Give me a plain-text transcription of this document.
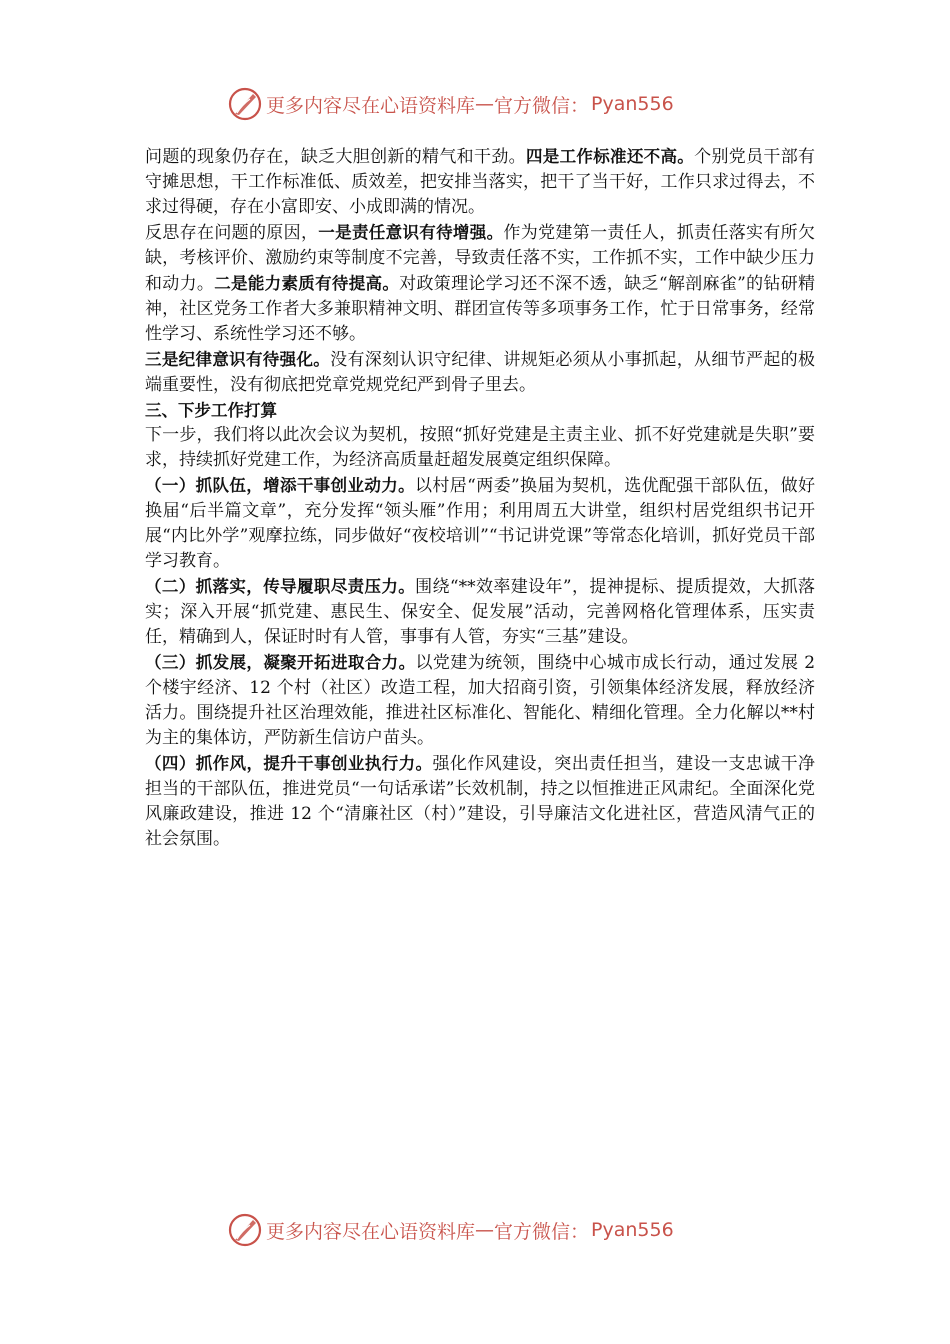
更多内容尽在心语资料库 — 官方微信： Pyan556

问题的现象仍存在，缺乏大胆创新的精气和干劲。四是工作标准还不高。个别党员干部有守摊思想，干工作标准低、质效差，把安排当落实，把干了当干好，工作只求过得去，不求过得硬，存在小富即安、小成即满的情况。

反思存在问题的原因，一是责任意识有待增强。作为党建第一责任人，抓责任落实有所欠缺，考核评价、激励约束等制度不完善，导致责任落不实，工作抓不实，工作中缺少压力和动力。二是能力素质有待提高。对政策理论学习还不深不透，缺乏“解剖麻雀”的钻研精神，社区党务工作者大多兼职精神文明、群团宣传等多项事务工作，忙于日常事务，经常性学习、系统性学习还不够。

三是纪律意识有待强化。没有深刻认识守纪律、讲规矩必须从小事抓起，从细节严起的极端重要性，没有彻底把党章党规党纪严到骨子里去。

三、下步工作打算

下一步，我们将以此次会议为契机，按照“抓好党建是主责主业、抓不好党建就是失职”要求，持续抓好党建工作，为经济高质量赶超发展奠定组织保障。

（一）抓队伍，增添干事创业动力。以村居“两委”换届为契机，选优配强干部队伍，做好换届“后半篇文章”，充分发挥“领头雁”作用；利用周五大讲堂，组织村居党组织书记开展“内比外学”观摩拉练，同步做好“夜校培训”“书记讲党课”等常态化培训，抓好党员干部学习教育。

（二）抓落实，传导履职尽责压力。围绕“**效率建设年”，提神提标、提质提效，大抓落实；深入开展“抓党建、惠民生、保安全、促发展”活动，完善网格化管理体系，压实责任，精确到人，保证时时有人管，事事有人管，夯实“三基”建设。

（三）抓发展，凝聚开拓进取合力。以党建为统领，围绕中心城市成长行动，通过发展 2 个楼宇经济、12 个村（社区）改造工程，加大招商引资，引领集体经济发展，释放经济活力。围绕提升社区治理效能，推进社区标准化、智能化、精细化管理。全力化解以**村为主的集体访，严防新生信访户苗头。

（四）抓作风，提升干事创业执行力。强化作风建设，突出责任担当，建设一支忠诚干净担当的干部队伍，推进党员“一句话承诺”长效机制，持之以恒推进正风肃纪。全面深化党风廉政建设，推进 12 个“清廉社区（村）”建设，引导廉洁文化进社区，营造风清气正的社会氛围。

更多内容尽在心语资料库 — 官方微信： Pyan556
